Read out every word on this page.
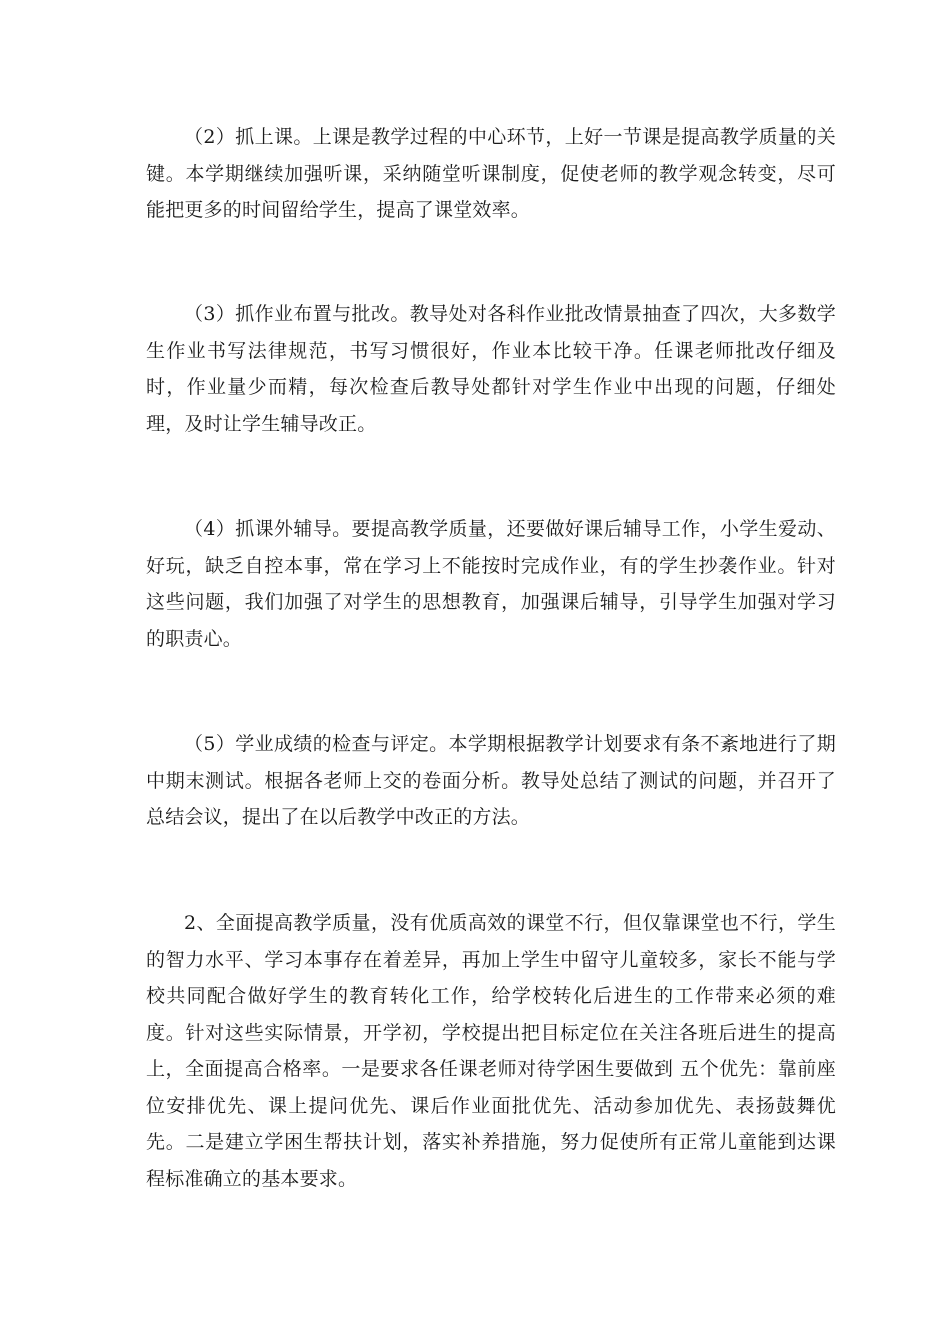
（2）抓上课。上课是教学过程的中心环节，上好一节课是提高教学质量的关键。本学期继续加强听课，采纳随堂听课制度，促使老师的教学观念转变，尽可能把更多的时间留给学生，提高了课堂效率。

（3）抓作业布置与批改。教导处对各科作业批改情景抽查了四次，大多数学生作业书写法律规范，书写习惯很好，作业本比较干净。任课老师批改仔细及时，作业量少而精，每次检查后教导处都针对学生作业中出现的问题，仔细处理，及时让学生辅导改正。

（4）抓课外辅导。要提高教学质量，还要做好课后辅导工作，小学生爱动、好玩，缺乏自控本事，常在学习上不能按时完成作业，有的学生抄袭作业。针对这些问题，我们加强了对学生的思想教育，加强课后辅导，引导学生加强对学习的职责心。

（5）学业成绩的检查与评定。本学期根据教学计划要求有条不紊地进行了期中期末测试。根据各老师上交的卷面分析。教导处总结了测试的问题，并召开了总结会议，提出了在以后教学中改正的方法。

2、全面提高教学质量，没有优质高效的课堂不行，但仅靠课堂也不行，学生的智力水平、学习本事存在着差异，再加上学生中留守儿童较多，家长不能与学校共同配合做好学生的教育转化工作，给学校转化后进生的工作带来必须的难度。针对这些实际情景，开学初，学校提出把目标定位在关注各班后进生的提高上，全面提高合格率。一是要求各任课老师对待学困生要做到 五个优先：靠前座位安排优先、课上提问优先、课后作业面批优先、活动参加优先、表扬鼓舞优先。二是建立学困生帮扶计划，落实补养措施，努力促使所有正常儿童能到达课程标准确立的基本要求。
